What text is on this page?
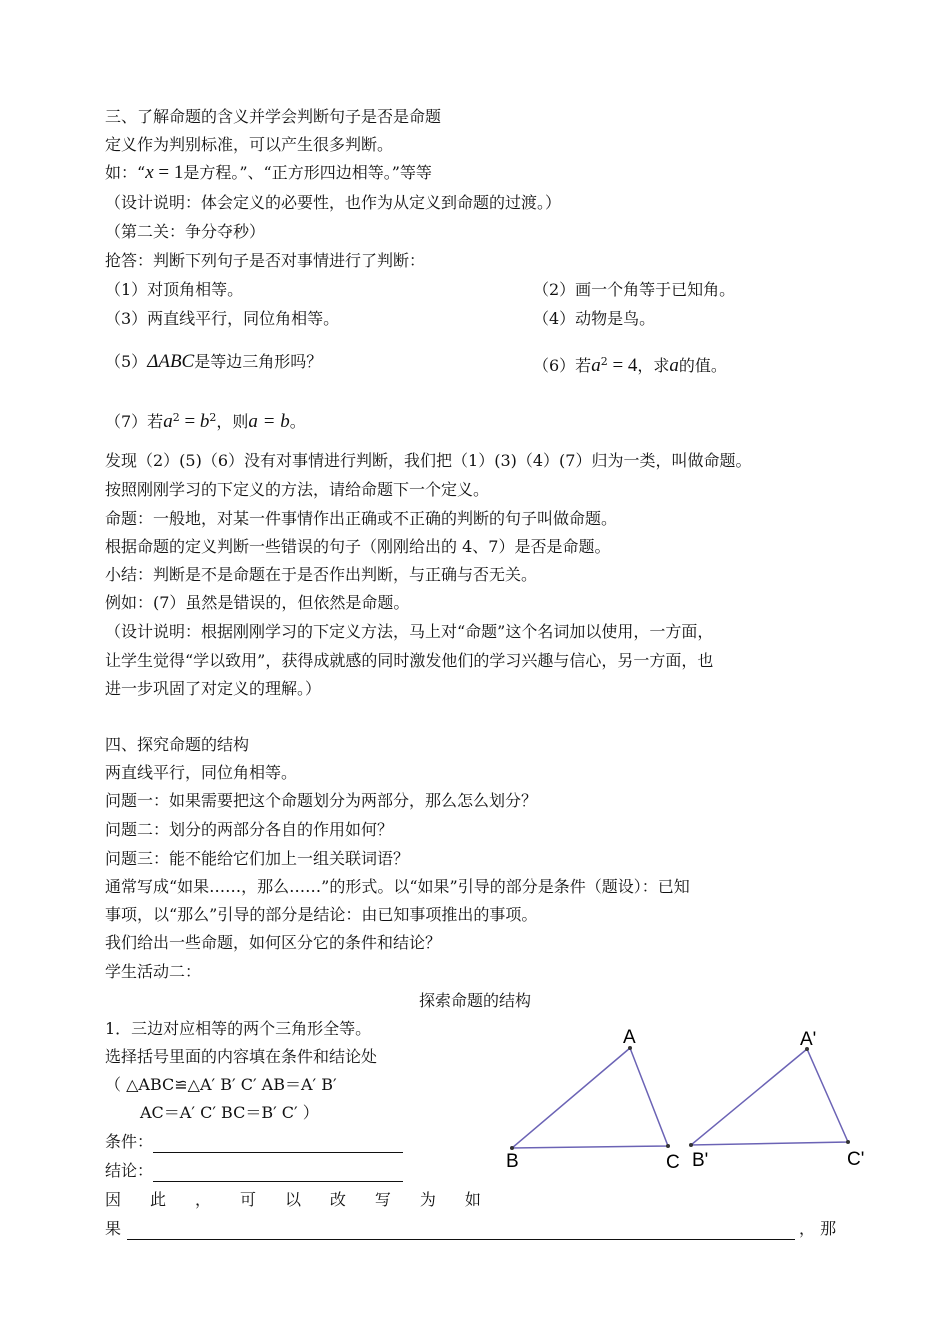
三、了解命题的含义并学会判断句子是否是命题
定义作为判别标准，可以产生很多判断。
如：“x = 1是方程。”、“正方形四边相等。”等等
（设计说明：体会定义的必要性，也作为从定义到命题的过渡。）
（第二关：争分夺秒）
抢答：判断下列句子是否对事情进行了判断：
（1）对顶角相等。	（2）画一个角等于已知角。
（3）两直线平行，同位角相等。	（4）动物是鸟。
（5）ΔABC是等边三角形吗？	（6）若$a^2 = 4$，求a的值。
（7）若$a^2 = b^2$，则a = b。
发现（2）(5)（6）没有对事情进行判断，我们把（1）(3)（4）(7）归为一类，叫做命题。
按照刚刚学习的下定义的方法，请给命题下一个定义。
命题：一般地，对某一件事情作出正确或不正确的判断的句子叫做命题。
根据命题的定义判断一些错误的句子（刚刚给出的 4、7）是否是命题。
小结：判断是不是命题在于是否作出判断，与正确与否无关。
例如：(7）虽然是错误的，但依然是命题。
（设计说明：根据刚刚学习的下定义方法，马上对“命题”这个名词加以使用，一方面，
让学生觉得“学以致用”，获得成就感的同时激发他们的学习兴趣与信心，另一方面，也
进一步巩固了对定义的理解。）
四、探究命题的结构
两直线平行，同位角相等。
问题一：如果需要把这个命题划分为两部分，那么怎么划分？
问题二：划分的两部分各自的作用如何？
问题三：能不能给它们加上一组关联词语？
通常写成“如果……，那么……”的形式。以“如果”引导的部分是条件（题设）：已知
事项，以“那么”引导的部分是结论：由已知事项推出的事项。
我们给出一些命题，如何区分它的条件和结论？
学生活动二：
探索命题的结构
1．三边对应相等的两个三角形全等。
选择括号里面的内容填在条件和结论处
（ △ABC≌△A′ B′ C′ AB＝A′ B′
AC＝A′ C′ BC＝B′ C′ ）
条件：
结论：
因 此 ， 可 以 改 写 为 如
果	， 那
A
B	C
A'
B'	C'
